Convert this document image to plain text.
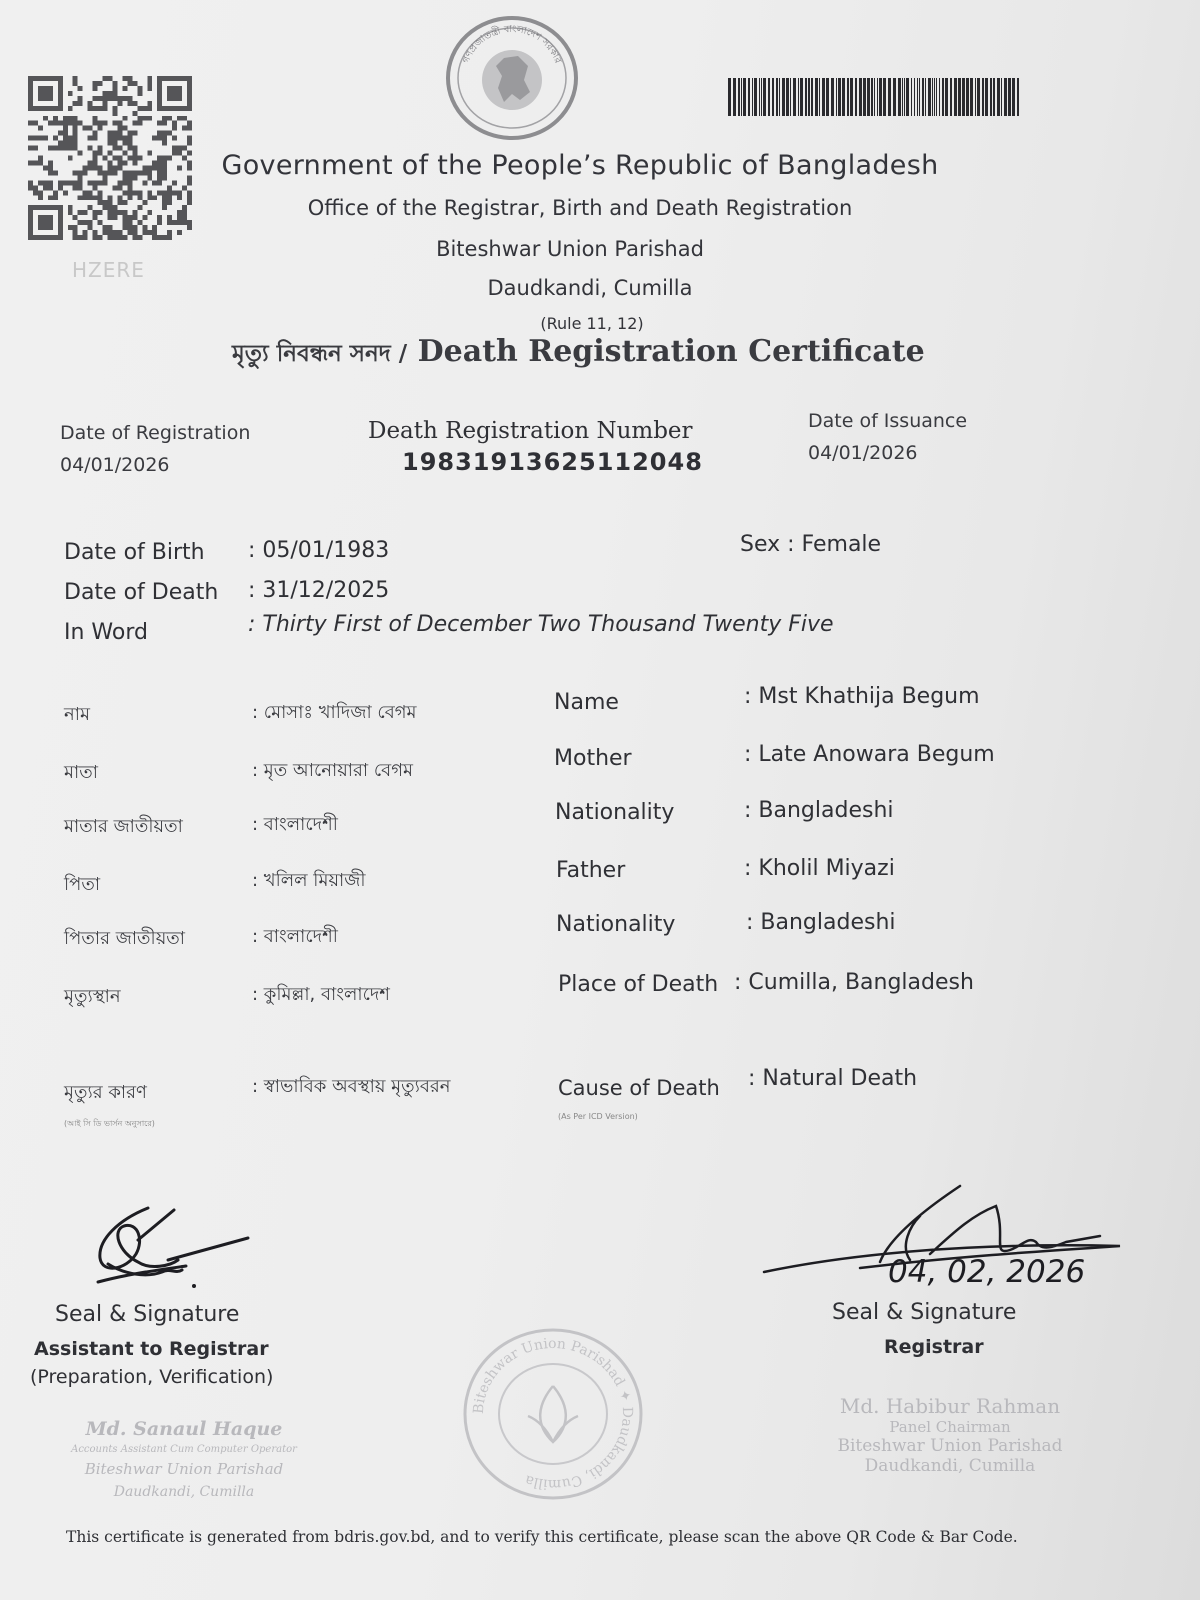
HZERE
গণপ্রজাতন্ত্রী বাংলাদেশ সরকার
Government of the People’s Republic of Bangladesh
Office of the Registrar, Birth and Death Registration
Biteshwar Union Parishad
Daudkandi, Cumilla
(Rule 11, 12)
মৃত্যু নিবন্ধন সনদ / Death Registration Certificate
Date of Registration
04/01/2026
Death Registration Number
19831913625112048
Date of Issuance
04/01/2026
Date of Birth : 05/01/1983	Sex : Female
Date of Death : 31/12/2025
In Word	: Thirty First of December Two Thousand Twenty Five
নাম	: মোসাঃ খাদিজা বেগম
মাতা	: মৃত আনোয়ারা বেগম
মাতার জাতীয়তা	: বাংলাদেশী
পিতা	: খলিল মিয়াজী
পিতার জাতীয়তা	: বাংলাদেশী
মৃত্যুস্থান	: কুমিল্লা, বাংলাদেশ
Name	: Mst Khathija Begum
Mother	: Late Anowara Begum
Nationality	: Bangladeshi
Father	: Kholil Miyazi
Nationality	: Bangladeshi
Place of Death : Cumilla, Bangladesh
মৃত্যুর কারণ	: স্বাভাবিক অবস্থায় মৃত্যুবরন
(আই সি ডি ভার্সন অনুসারে)
Cause of Death : Natural Death
(As Per ICD Version)
Seal & Signature
Assistant to Registrar
(Preparation, Verification)
Md. Sanaul Haque
Accounts Assistant Cum Computer Operator
Biteshwar Union Parishad
Daudkandi, Cumilla
Biteshwar Union Parishad ✦ Daudkandi, Cumilla
04, 02, 2026
Seal & Signature
Registrar
Md. Habibur Rahman
Panel Chairman
Biteshwar Union Parishad
Daudkandi, Cumilla
This certificate is generated from bdris.gov.bd, and to verify this certificate, please scan the above QR Code & Bar Code.
